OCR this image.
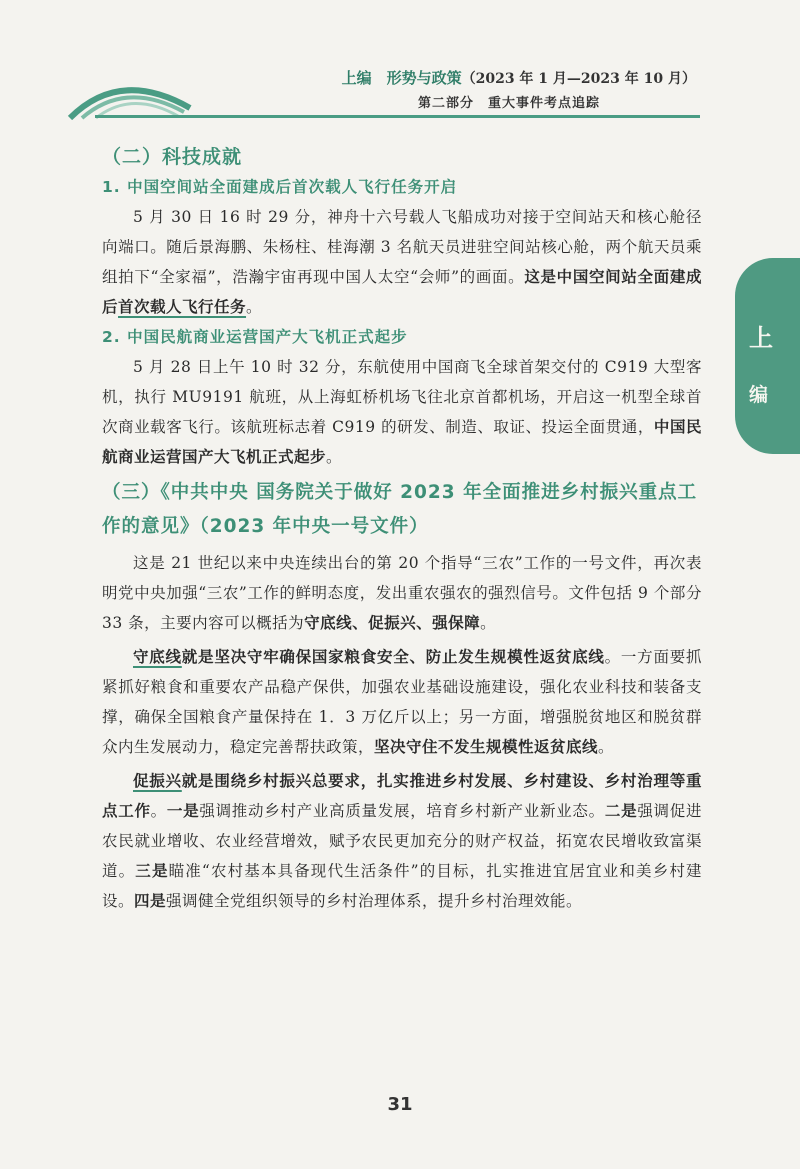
上编　形势与政策（2023 年 1 月—2023 年 10 月）
第二部分　重大事件考点追踪
上
编

（二）科技成就

1. 中国空间站全面建成后首次载人飞行任务开启

5 月 30 日 16 时 29 分，神舟十六号载人飞船成功对接于空间站天和核心舱径向端口。随后景海鹏、朱杨柱、桂海潮 3 名航天员进驻空间站核心舱，两个航天员乘组拍下“全家福”，浩瀚宇宙再现中国人太空“会师”的画面。这是中国空间站全面建成后首次载人飞行任务。

2. 中国民航商业运营国产大飞机正式起步

5 月 28 日上午 10 时 32 分，东航使用中国商飞全球首架交付的 C919 大型客机，执行 MU9191 航班，从上海虹桥机场飞往北京首都机场，开启这一机型全球首次商业载客飞行。该航班标志着 C919 的研发、制造、取证、投运全面贯通，中国民航商业运营国产大飞机正式起步。

（三）《中共中央 国务院关于做好 2023 年全面推进乡村振兴重点工作的意见》（2023 年中央一号文件）

这是 21 世纪以来中央连续出台的第 20 个指导“三农”工作的一号文件，再次表明党中央加强“三农”工作的鲜明态度，发出重农强农的强烈信号。文件包括 9 个部分 33 条，主要内容可以概括为守底线、促振兴、强保障。

守底线就是坚决守牢确保国家粮食安全、防止发生规模性返贫底线。一方面要抓紧抓好粮食和重要农产品稳产保供，加强农业基础设施建设，强化农业科技和装备支撑，确保全国粮食产量保持在 1．3 万亿斤以上；另一方面，增强脱贫地区和脱贫群众内生发展动力，稳定完善帮扶政策，坚决守住不发生规模性返贫底线。

促振兴就是围绕乡村振兴总要求，扎实推进乡村发展、乡村建设、乡村治理等重点工作。一是强调推动乡村产业高质量发展，培育乡村新产业新业态。二是强调促进农民就业增收、农业经营增效，赋予农民更加充分的财产权益，拓宽农民增收致富渠道。三是瞄准“农村基本具备现代生活条件”的目标，扎实推进宜居宜业和美乡村建设。四是强调健全党组织领导的乡村治理体系，提升乡村治理效能。

31
